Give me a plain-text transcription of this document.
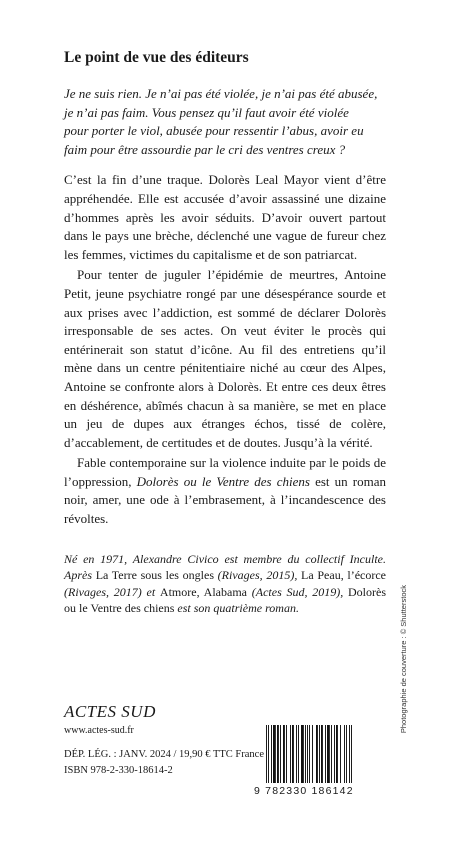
Le point de vue des éditeurs
Je ne suis rien. Je n’ai pas été violée, je n’ai pas été abusée,
je n’ai pas faim. Vous pensez qu’il faut avoir été violée
pour porter le viol, abusée pour ressentir l’abus, avoir eu
faim pour être assourdie par le cri des ventres creux ?

C’est la fin d’une traque. Dolorès Leal Mayor vient d’être appréhendée. Elle est accusée d’avoir assassiné une dizaine d’hommes après les avoir séduits. D’avoir ouvert partout dans le pays une brèche, déclenché une vague de fureur chez les femmes, victimes du capitalisme et de son patriarcat.

Pour tenter de juguler l’épidémie de meurtres, Antoine Petit, jeune psychiatre rongé par une désespérance sourde et aux prises avec l’addiction, est sommé de déclarer Dolorès irresponsable de ses actes. On veut éviter le procès qui entérinerait son statut d’icône. Au fil des entretiens qu’il mène dans un centre pénitentiaire niché au cœur des Alpes, Antoine se confronte alors à Dolorès. Et entre ces deux êtres en déshérence, abîmés chacun à sa manière, se met en place un jeu de dupes aux étranges échos, tissé de colère, d’accablement, de certitudes et de doutes. Jusqu’à la vérité.

Fable contemporaine sur la violence induite par le poids de l’oppression, Dolorès ou le Ventre des chiens est un roman noir, amer, une ode à l’embrasement, à l’incandescence des révoltes.

Né en 1971, Alexandre Civico est membre du collectif Inculte. Après La Terre sous les ongles (Rivages, 2015), La Peau, l’écorce (Rivages, 2017) et Atmore, Alabama (Actes Sud, 2019), Dolorès ou le Ventre des chiens est son quatrième roman.

ACTES SUD
www.actes-sud.fr
DÉP. LÉG. : JANV. 2024 / 19,90 € TTC France
ISBN 978-2-330-18614-2
9 782330 186142
Photographie de couverture : © Shutterstock
